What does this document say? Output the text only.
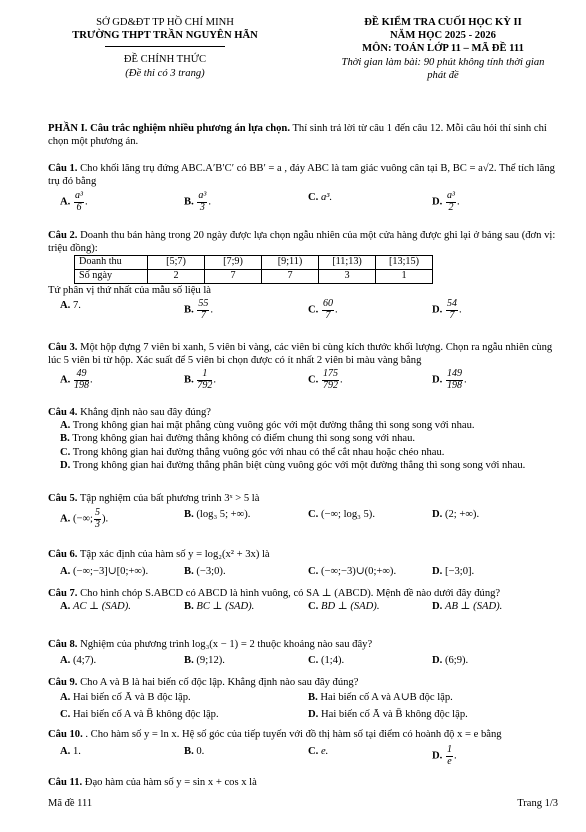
SỞ GD&ĐT TP HỒ CHÍ MINH
TRƯỜNG THPT TRẦN NGUYÊN HÃN
ĐỀ CHÍNH THỨC
(Đề thi có 3 trang)
ĐỀ KIỂM TRA CUỐI HỌC KỲ II
NĂM HỌC 2025 - 2026
MÔN: TOÁN LỚP 11 – MÃ ĐỀ 111
Thời gian làm bài: 90 phút không tính thời gian phát đề
PHẦN I. Câu trắc nghiệm nhiều phương án lựa chọn. Thí sinh trả lời từ câu 1 đến câu 12. Mỗi câu hỏi thí sinh chỉ chọn một phương án.
Câu 1. Cho khối lăng trụ đứng ABC.A′B′C′ có BB′ = a , đáy ABC là tam giác vuông cân tại B, BC = a√2. Thể tích lăng trụ đó bằng
A. $\frac{\text{a³}}{6}$ .	B. $\frac{\text{a³}}{3}$ .	C. a³.	D. $\frac{\text{a³}}{2}$ .
Câu 2. Doanh thu bán hàng trong 20 ngày được lựa chọn ngẫu nhiên của một cửa hàng được ghi lại ở bảng sau (đơn vị: triệu đồng):
Doanh thu	[5;7)	[7;9)	[9;11)	[11;13)	[13;15)
Số ngày	2	7	7	3	1
Tứ phân vị thứ nhất của mẫu số liệu là
A. 7.	B. $\frac{55}{7}$ .	C. $\frac{60}{7}$ .	D. $\frac{54}{7}$ .
Câu 3. Một hộp đựng 7 viên bi xanh, 5 viên bi vàng, các viên bi cùng kích thước khối lượng. Chọn ra ngẫu nhiên cùng lúc 5 viên bi từ hộp. Xác suất để 5 viên bi chọn được có ít nhất 2 viên bi màu vàng bằng
A. $\frac{49}{198}$ .	B. $\frac{1}{792}$ .	C. $\frac{175}{792}$ .	D. $\frac{149}{198}$ .
Câu 4. Khẳng định nào sau đây đúng?
A. Trong không gian hai mặt phẳng cùng vuông góc với một đường thẳng thì song song với nhau.
B. Trong không gian hai đường thẳng không có điểm chung thì song song với nhau.
C. Trong không gian hai đường thẳng vuông góc với nhau có thể cắt nhau hoặc chéo nhau.
D. Trong không gian hai đường thẳng phân biệt cùng vuông góc với một đường thẳng thì song song với nhau.
Câu 5. Tập nghiệm của bất phương trình 3ˣ > 5 là
A. (−∞; $\frac{5}{3}$ ).	B. (log₃ 5; +∞).	C. (−∞; log₃ 5).	D. (2; +∞).
Câu 6. Tập xác định của hàm số y = log₂(x² + 3x) là
A. (−∞;−3]∪[0;+∞).	B. (−3;0).	C. (−∞;−3)∪(0;+∞).	D. [−3;0].
Câu 7. Cho hình chóp S.ABCD có ABCD là hình vuông, có SA ⊥ (ABCD). Mệnh đề nào dưới đây đúng?
A. AC ⊥ (SAD).	B. BC ⊥ (SAD).	C. BD ⊥ (SAD).	D. AB ⊥ (SAD).
Câu 8. Nghiệm của phương trình log₃(x − 1) = 2 thuộc khoảng nào sau đây?
A. (4;7).	B. (9;12).	C. (1;4).	D. (6;9).
Câu 9. Cho A và B là hai biến cố độc lập. Khẳng định nào sau đây đúng?
A. Hai biến cố Ā và B độc lập.	B. Hai biến cố A và A∪B độc lập.
C. Hai biến cố A và B̄ không độc lập.	D. Hai biến cố Ā và B̄ không độc lập.
Câu 10. . Cho hàm số y = ln x. Hệ số góc của tiếp tuyến với đồ thị hàm số tại điểm có hoành độ x = e bằng
A. 1.	B. 0.	C. e.	D. $\frac{1}{e}$ .
Câu 11. Đạo hàm của hàm số y = sin x + cos x là
Mã đề 111	Trang 1/3
